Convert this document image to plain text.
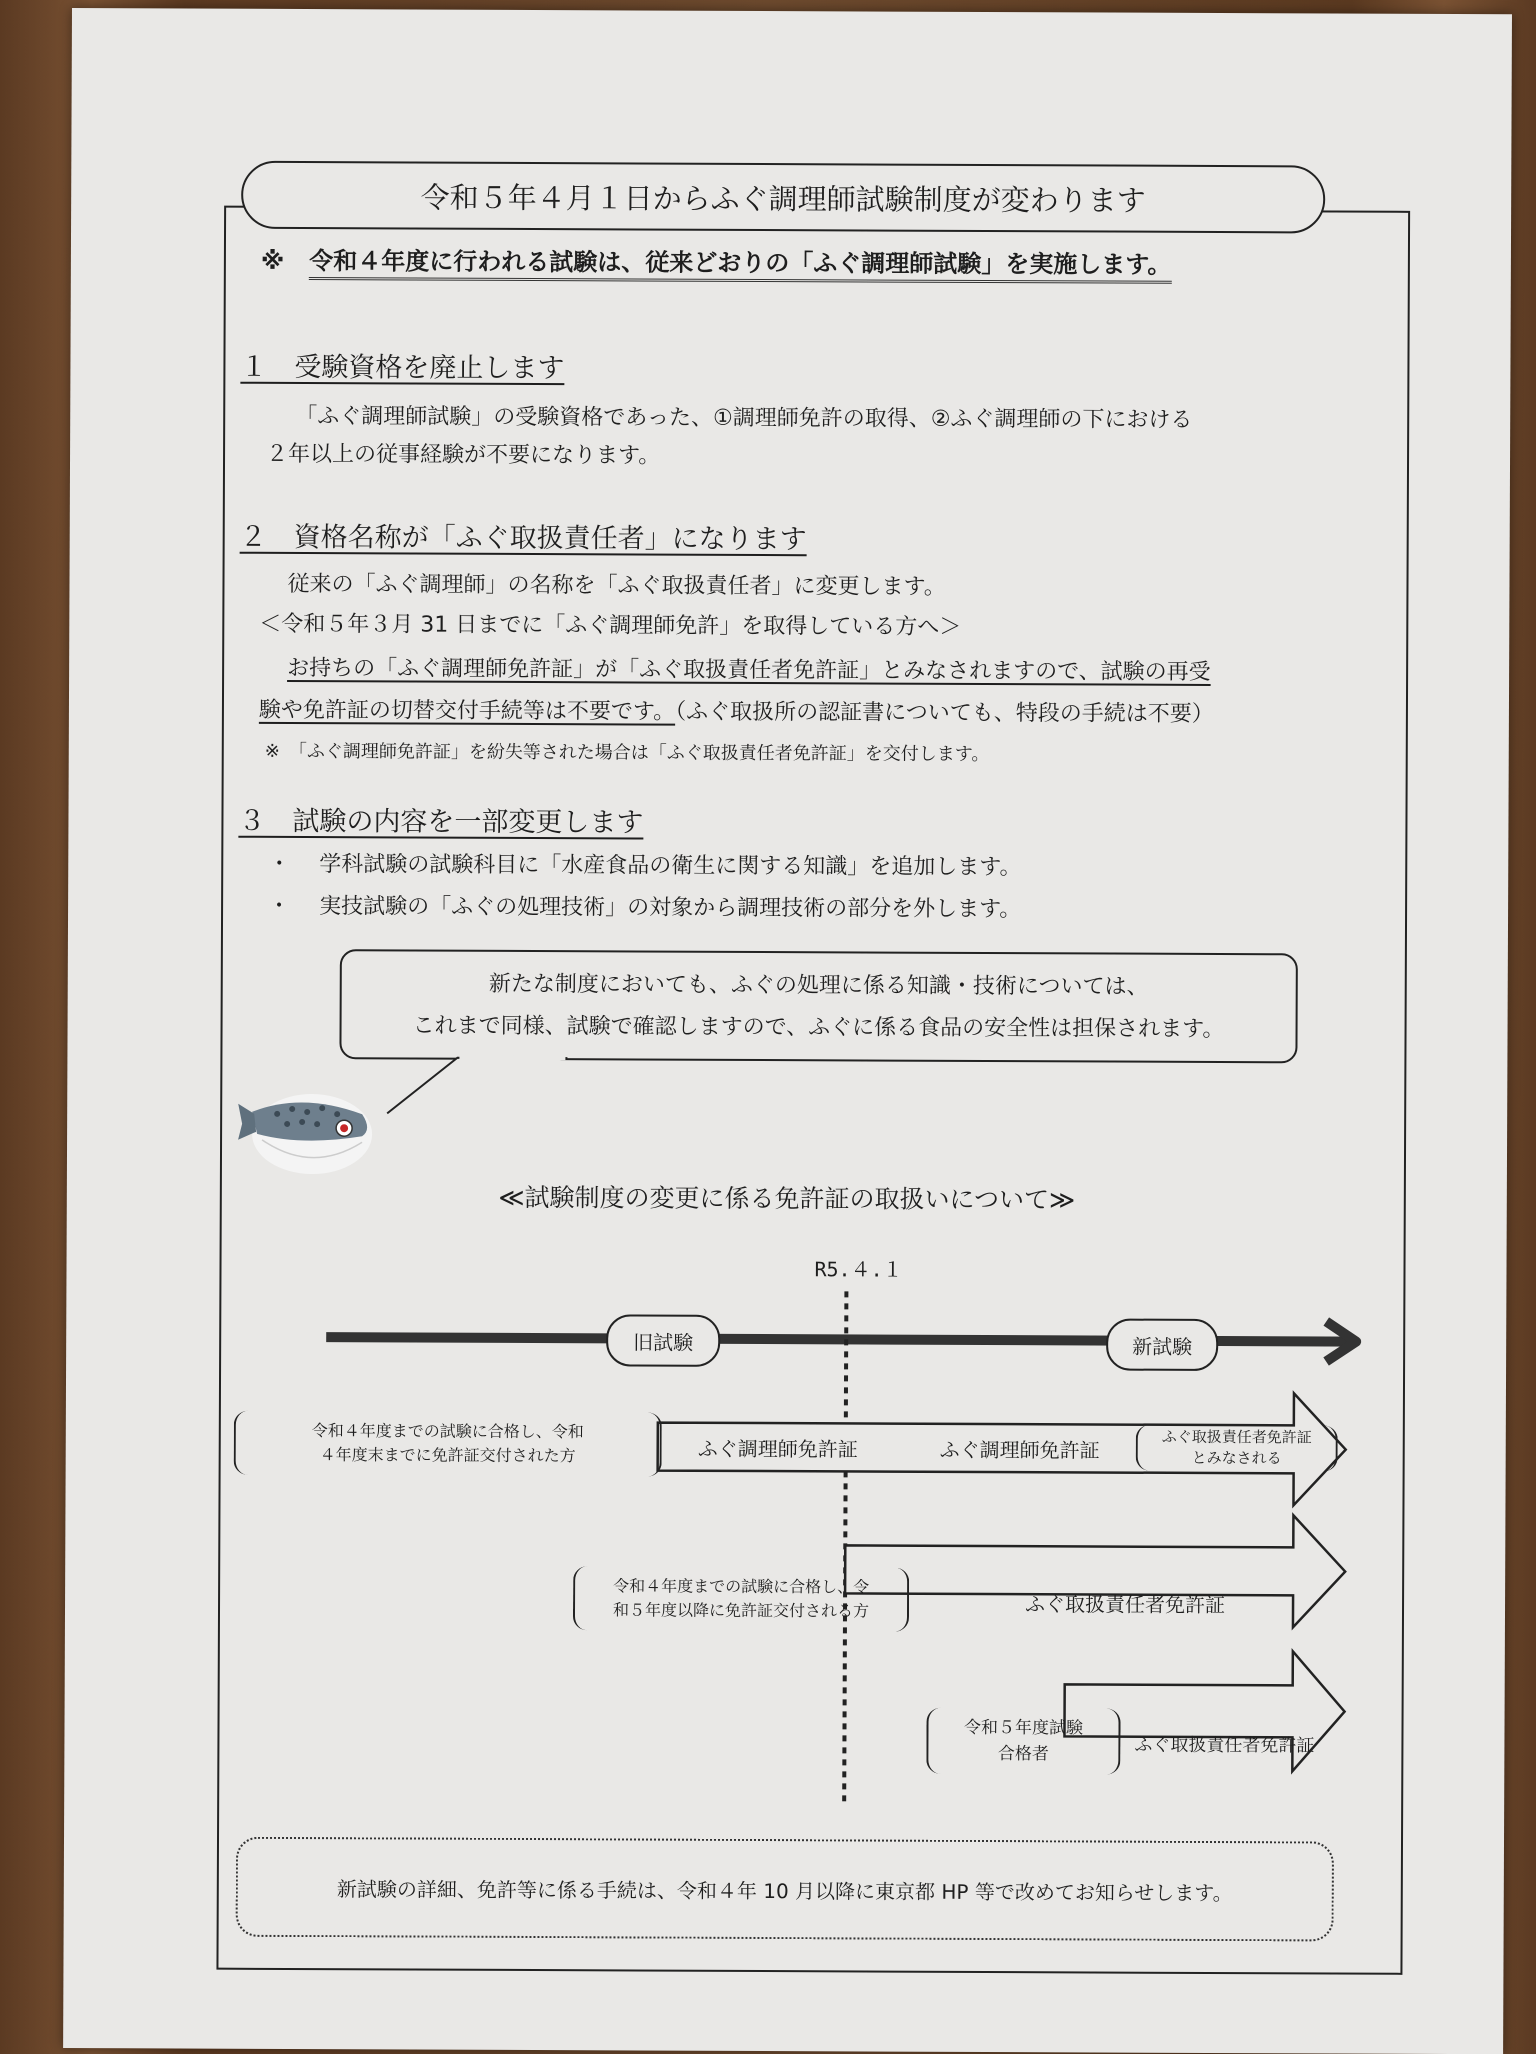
令和５年４月１日からふぐ調理師試験制度が変わります
※ 令和４年度に行われる試験は、従来どおりの「ふぐ調理師試験」を実施します。
１　受験資格を廃止します
「ふぐ調理師試験」の受験資格であった、①調理師免許の取得、②ふぐ調理師の下における
２年以上の従事経験が不要になります。
２　資格名称が「ふぐ取扱責任者」になります
従来の「ふぐ調理師」の名称を「ふぐ取扱責任者」に変更します。
＜令和５年３月 31 日までに「ふぐ調理師免許」を取得している方へ＞
お持ちの「ふぐ調理師免許証」が「ふぐ取扱責任者免許証」とみなされますので、試験の再受
験や免許証の切替交付手続等は不要です。（ふぐ取扱所の認証書についても、特段の手続は不要）
※　「ふぐ調理師免許証」を紛失等された場合は「ふぐ取扱責任者免許証」を交付します。
３　試験の内容を一部変更します
・ 学科試験の試験科目に「水産食品の衛生に関する知識」を追加します。
・ 実技試験の「ふぐの処理技術」の対象から調理技術の部分を外します。
新たな制度においても、ふぐの処理に係る知識・技術については、
これまで同様、試験で確認しますので、ふぐに係る食品の安全性は担保されます。
≪試験制度の変更に係る免許証の取扱いについて≫
R5.４.１
旧試験	新試験
令和４年度までの試験に合格し、令和
４年度末までに免許証交付された方	ふぐ調理師免許証	ふぐ調理師免許証
ふぐ取扱責任者免許証
とみなされる
令和４年度までの試験に合格し、令
和５年度以降に免許証交付される方	ふぐ取扱責任者免許証
令和５年度試験
合格者	ふぐ取扱責任者免許証
新試験の詳細、免許等に係る手続は、令和４年 10 月以降に東京都 HP 等で改めてお知らせします。
